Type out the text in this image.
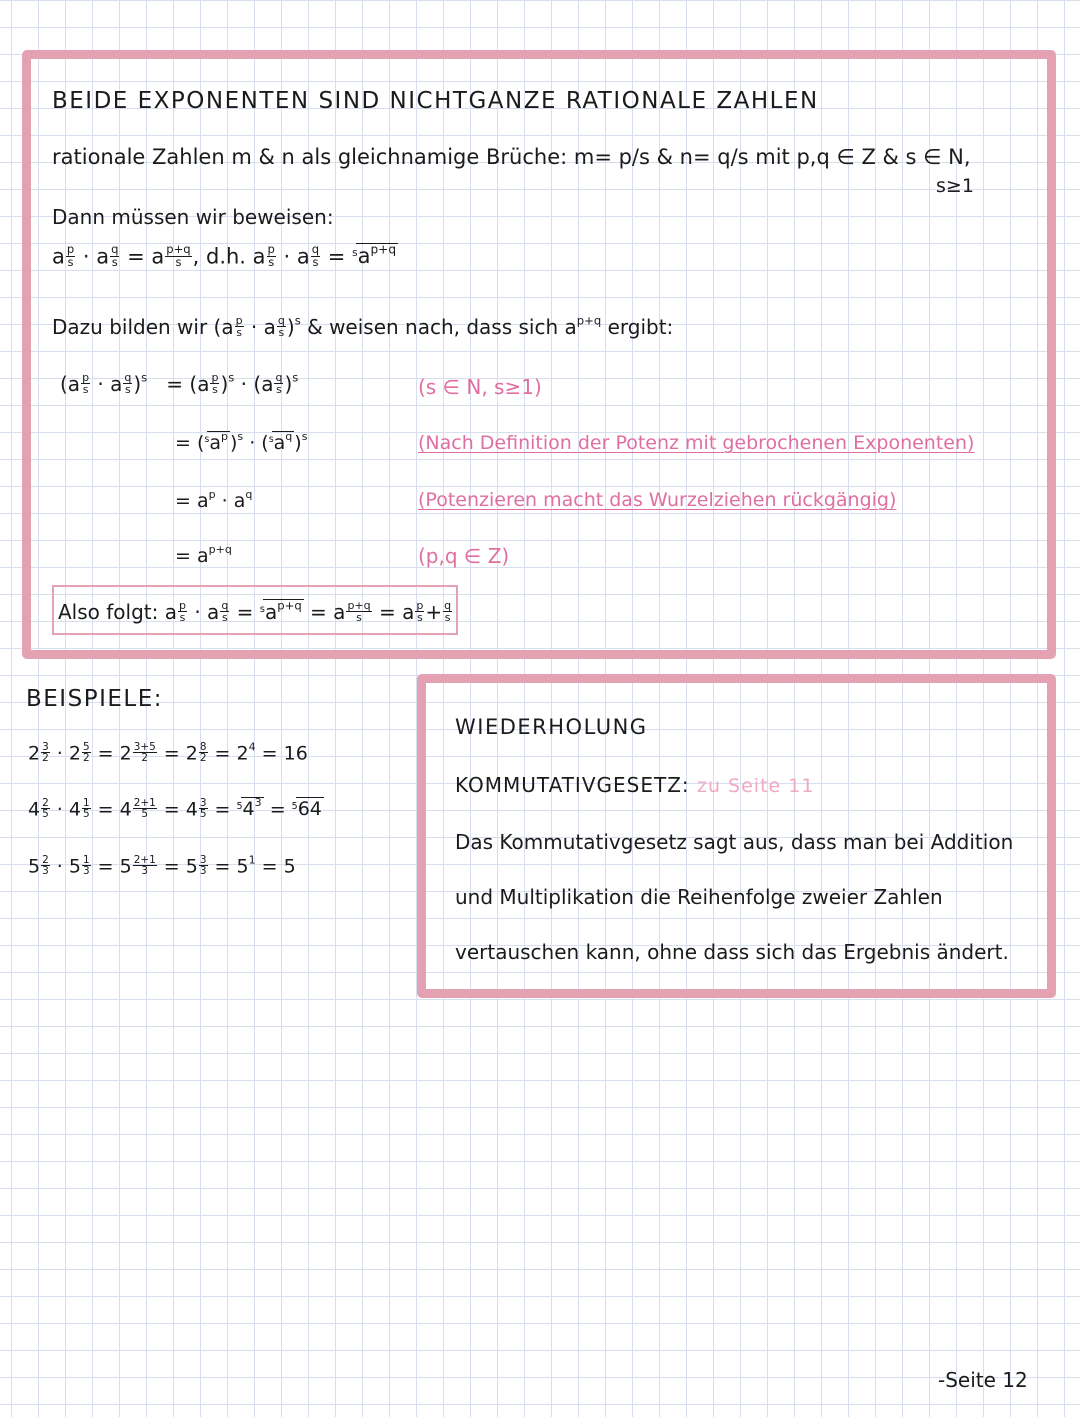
BEIDE EXPONENTEN SIND NICHTGANZE RATIONALE ZAHLEN
rationale Zahlen m & n als gleichnamige Brüche: m= p/s & n= q/s mit p,q ∈ Z & s ∈ N,
s≥1
Dann müssen wir beweisen:
a $\frac{p}{s} \cdot a \frac{q}{s} = a \frac{p+q}{s}$ , d.h. a $\frac{p}{s} \cdot a \frac{q}{s} = ^sa^{p+q}$
Dazu bilden wir $(a \frac{p}{s} \cdot a \frac{q}{s} )^s$ & weisen nach, dass sich $a^{p+q}$ ergibt:
$(a \frac{p}{s} \cdot a \frac{q}{s} )^s = (a \frac{p}{s} )^s \cdot (a \frac{q}{s} )^s$
= ($^sa^p$ )$^s \cdot (^sa^q$ )$^s$
= $a^p \cdot a^q$
= $a^{p+q}$
(s ∈ N, s≥1)
(Nach Definition der Potenz mit gebrochenen Exponenten)
(Potenzieren macht das Wurzelziehen rückgängig)
(p,q ∈ Z)
Also folgt: a $\frac{p}{s} \cdot a \frac{q}{s} = ^sa^{p+q} = a \frac{p+q}{s} = a \frac{p}{s} + \frac{q}{s}$
BEISPIELE:
$2 \frac{3}{2} \cdot 2 \frac{5}{2} = 2 \frac{3+5}{2} = 2 \frac{8}{2} = 2^4 = 16$
$4 \frac{2}{5} \cdot 4 \frac{1}{5} = 4 \frac{2+1}{5} = 4 \frac{3}{5} = ^54^3 = ^564$
$5 \frac{2}{3} \cdot 5 \frac{1}{3} = 5 \frac{2+1}{3} = 5 \frac{3}{3} = 5^1 = 5$
WIEDERHOLUNG
KOMMUTATIVGESETZ: zu Seite 11
Das Kommutativgesetz sagt aus, dass man bei Addition
und Multiplikation die Reihenfolge zweier Zahlen
vertauschen kann, ohne dass sich das Ergebnis ändert.
-Seite 12
